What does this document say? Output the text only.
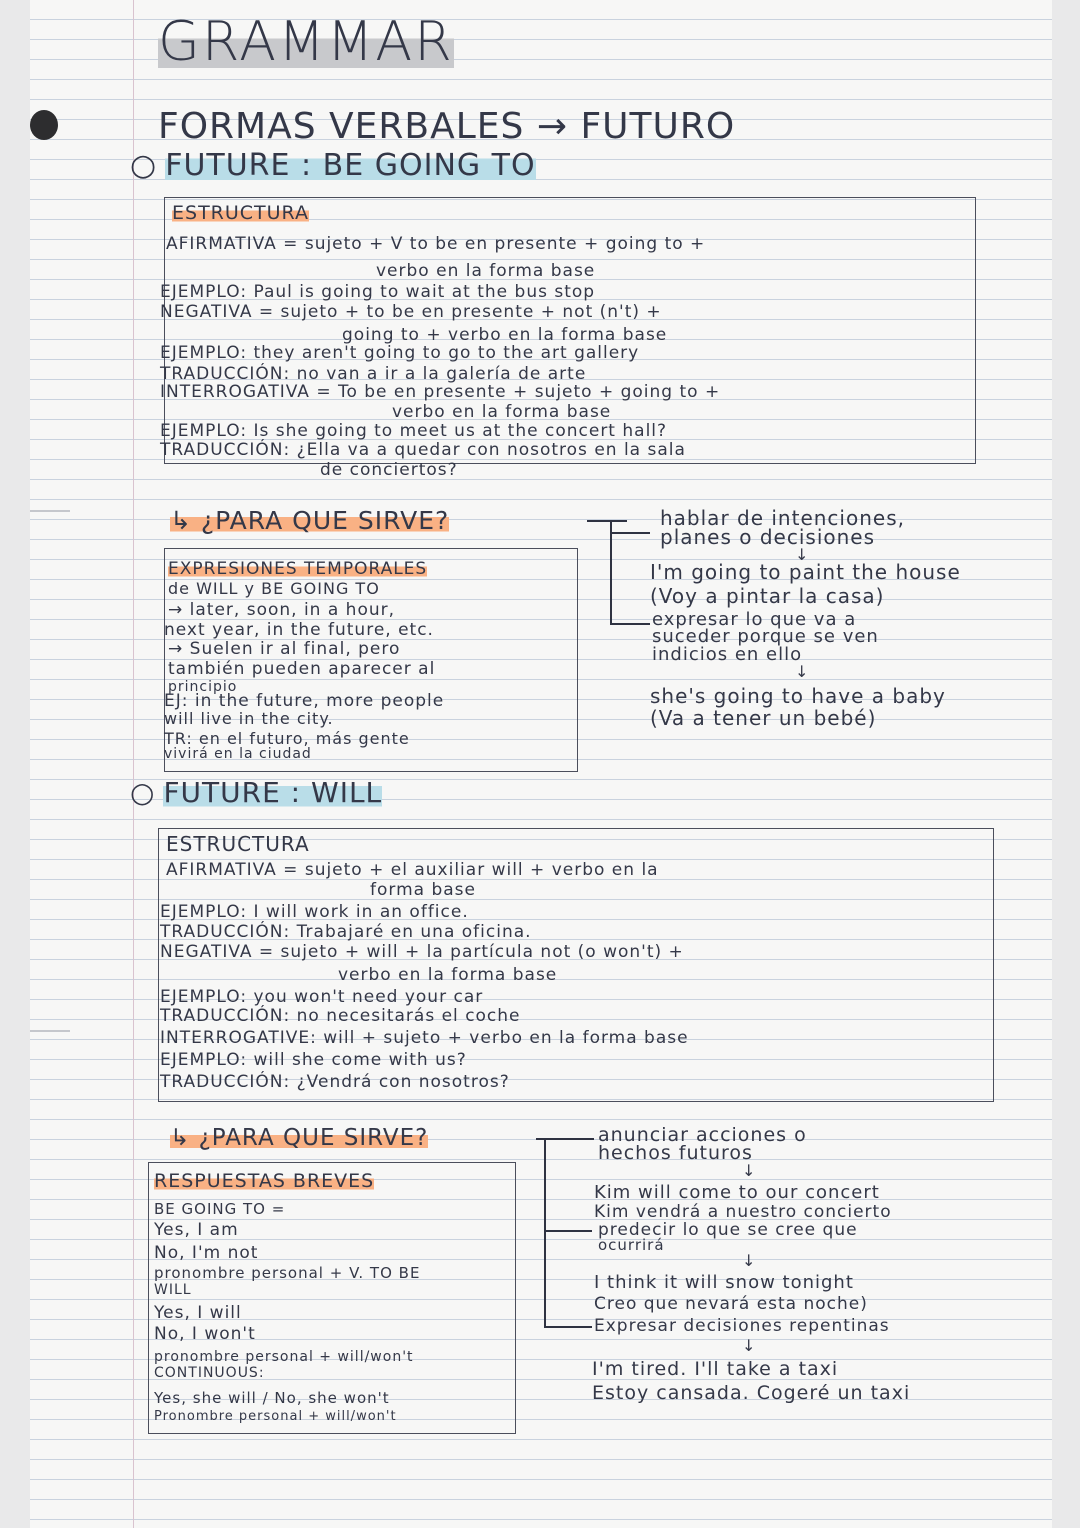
GRAMMAR
FORMAS VERBALES → FUTURO
○ FUTURE : BE GOING TO
ESTRUCTURA
AFIRMATIVA = sujeto + V to be en presente + going to +
verbo en la forma base
EJEMPLO: Paul is going to wait at the bus stop
NEGATIVA = sujeto + to be en presente + not (n't) +
going to + verbo en la forma base
EJEMPLO: they aren't going to go to the art gallery
TRADUCCIÓN: no van a ir a la galería de arte
INTERROGATIVA = To be en presente + sujeto + going to +
verbo en la forma base
EJEMPLO: Is she going to meet us at the concert hall?
TRADUCCIÓN: ¿Ella va a quedar con nosotros en la sala
de conciertos?
↳ ¿PARA QUE SIRVE?	hablar de intenciones,
planes o decisiones
↓
I'm going to paint the house
(Voy a pintar la casa)
expresar lo que va a
suceder porque se ven
indicios en ello
↓
she's going to have a baby
(Va a tener un bebé)
EXPRESIONES TEMPORALES
de WILL y BE GOING TO
→ later, soon, in a hour,
next year, in the future, etc.
→ Suelen ir al final, pero
también pueden aparecer al
principio
EJ: in the future, more people
will live in the city.
TR: en el futuro, más gente
vivirá en la ciudad
○ FUTURE : WILL
ESTRUCTURA
AFIRMATIVA = sujeto + el auxiliar will + verbo en la
forma base
EJEMPLO: I will work in an office.
TRADUCCIÓN: Trabajaré en una oficina.
NEGATIVA = sujeto + will + la partícula not (o won't) +
verbo en la forma base
EJEMPLO: you won't need your car
TRADUCCIÓN: no necesitarás el coche
INTERROGATIVE: will + sujeto + verbo en la forma base
EJEMPLO: will she come with us?
TRADUCCIÓN: ¿Vendrá con nosotros?
↳ ¿PARA QUE SIRVE?	anunciar acciones o
hechos futuros
↓
Kim will come to our concert
Kim vendrá a nuestro concierto
predecir lo que se cree que
ocurrirá
↓
I think it will snow tonight
Creo que nevará esta noche)
Expresar decisiones repentinas
↓
I'm tired. I'll take a taxi
Estoy cansada. Cogeré un taxi
RESPUESTAS BREVES
BE GOING TO =
Yes, I am
No, I'm not
pronombre personal + V. TO BE
WILL
Yes, I will
No, I won't
pronombre personal + will/won't
CONTINUOUS:
Yes, she will / No, she won't
Pronombre personal + will/won't
